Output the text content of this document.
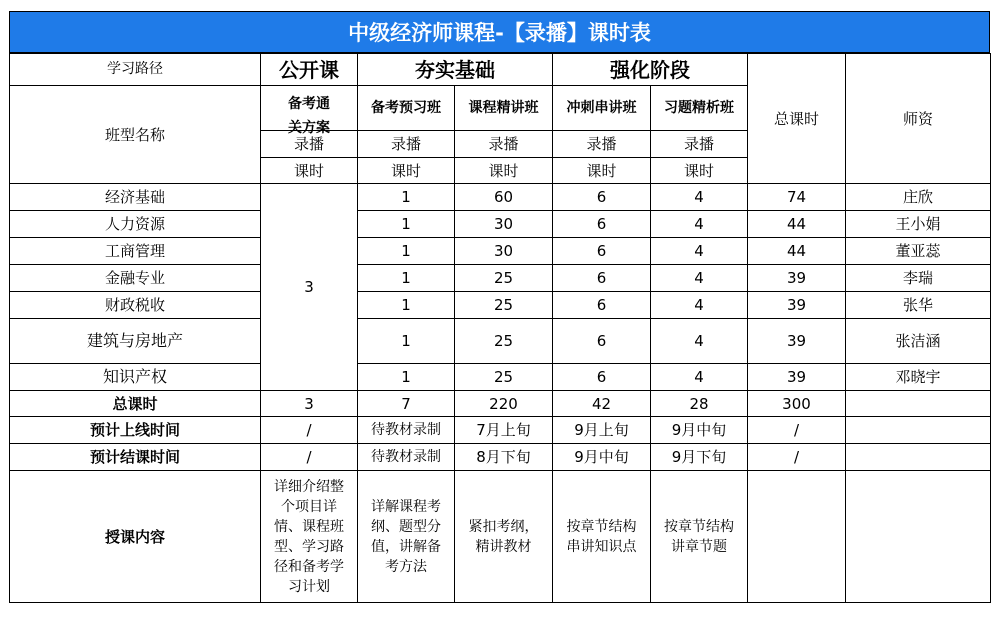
中级经济师课程-【录播】课时表
学习路径	公开课	夯实基础		强化阶段		总课时	师资
班型名称	备考通关方案	备考预习班	课程精讲班	冲刺串讲班	习题精析班		
	录播	录播	录播	录播	录播		
	课时	课时	课时	课时	课时		
经济基础	3	1	60	6	4	74	庄欣
人力资源		1	30	6	4	44	王小娟
工商管理		1	30	6	4	44	董亚蕊
金融专业		1	25	6	4	39	李瑞
财政税收		1	25	6	4	39	张华
建筑与房地产		1	25	6	4	39	张洁涵
知识产权		1	25	6	4	39	邓晓宇
总课时	3	7	220	42	28	300	
预计上线时间	/	待教材录制	7月上旬	9月上旬	9月中旬	/	
预计结课时间	/	待教材录制	8月下旬	9月中旬	9月下旬	/	
授课内容	详细介绍整个项目详情、课程班型、学习路径和备考学习计划	详解课程考纲、题型分值，讲解备考方法	紧扣考纲，精讲教材	按章节结构串讲知识点	按章节结构讲章节题		
